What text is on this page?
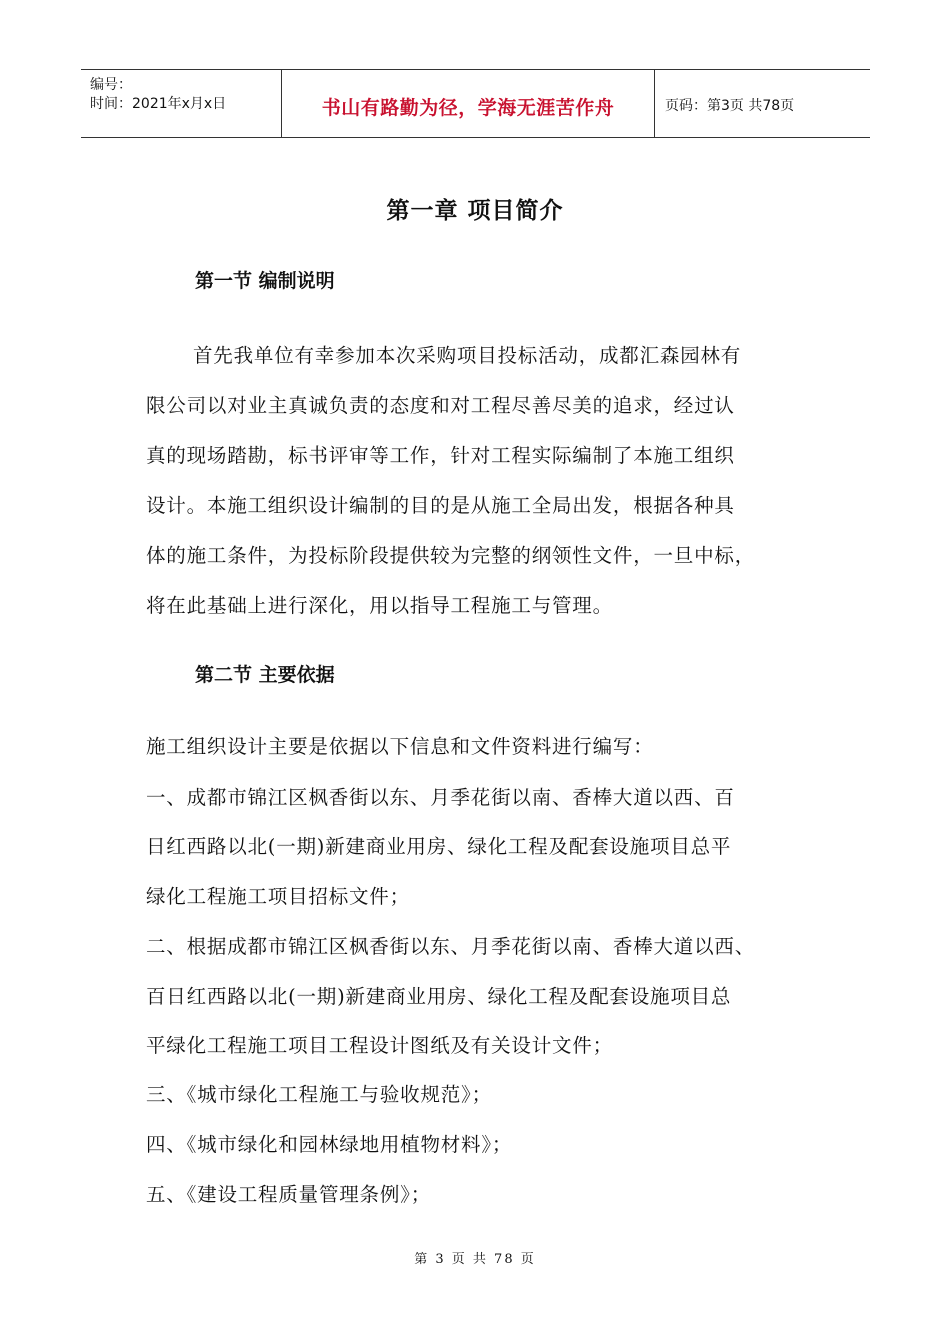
编号：
时间：2021年x月x日	书山有路勤为径，学海无涯苦作舟	页码：第3页 共78页
第一章 项目简介
第一节 编制说明
首先我单位有幸参加本次采购项目投标活动，成都汇森园林有
限公司以对业主真诚负责的态度和对工程尽善尽美的追求，经过认
真的现场踏勘，标书评审等工作，针对工程实际编制了本施工组织
设计。本施工组织设计编制的目的是从施工全局出发，根据各种具
体的施工条件，为投标阶段提供较为完整的纲领性文件，一旦中标，
将在此基础上进行深化，用以指导工程施工与管理。
第二节 主要依据
施工组织设计主要是依据以下信息和文件资料进行编写：
一、成都市锦江区枫香街以东、月季花街以南、香棒大道以西、百
日红西路以北(一期)新建商业用房、绿化工程及配套设施项目总平
绿化工程施工项目招标文件；
二、根据成都市锦江区枫香街以东、月季花街以南、香棒大道以西、
百日红西路以北(一期)新建商业用房、绿化工程及配套设施项目总
平绿化工程施工项目工程设计图纸及有关设计文件；
三、《城市绿化工程施工与验收规范》；
四、《城市绿化和园林绿地用植物材料》；
五、《建设工程质量管理条例》；
第 3 页 共 78 页
